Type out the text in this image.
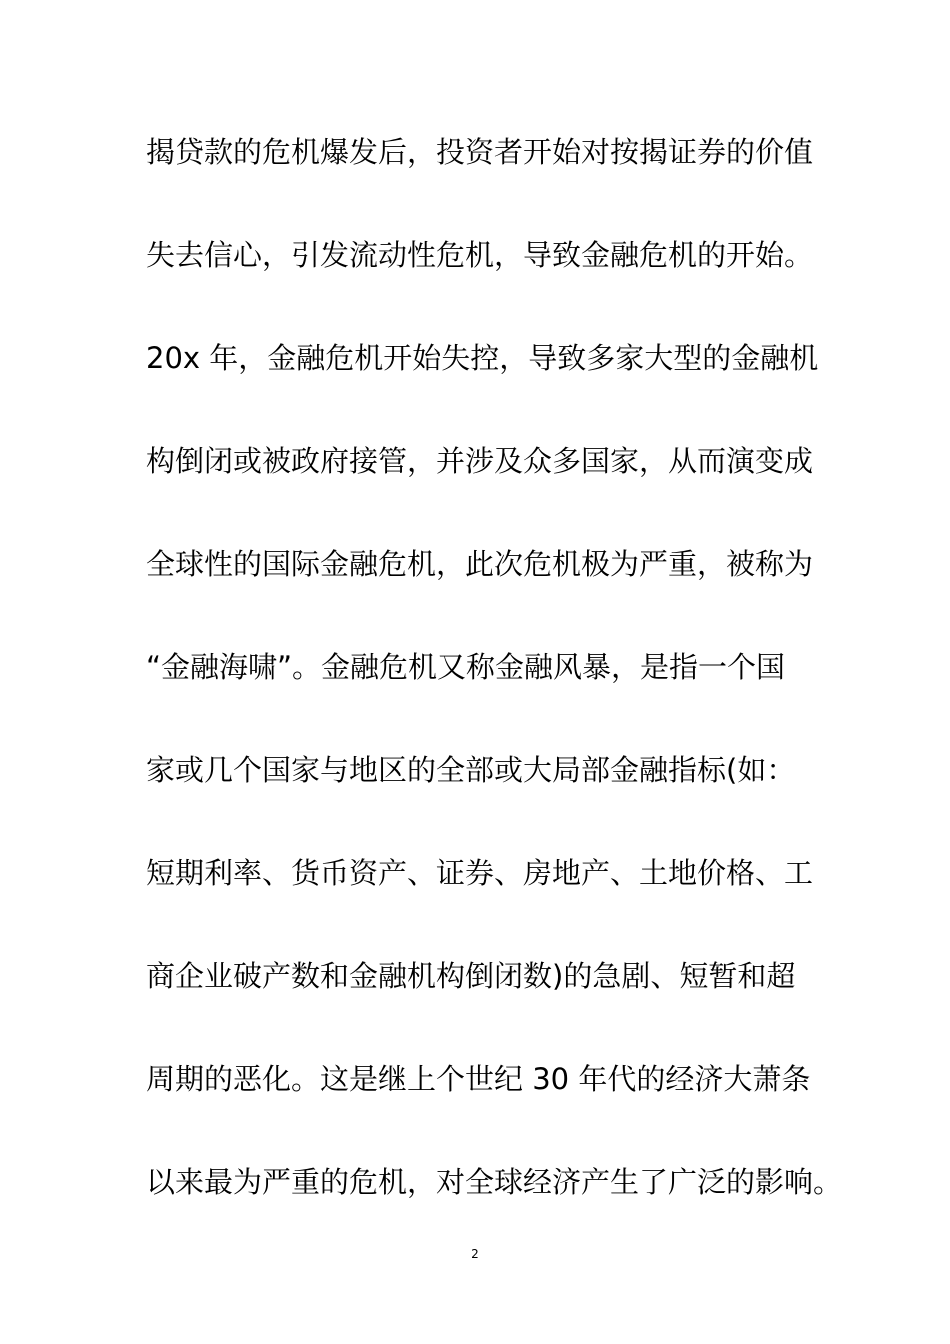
揭贷款的危机爆发后，投资者开始对按揭证券的价值
失去信心，引发流动性危机，导致金融危机的开始。
20x 年，金融危机开始失控，导致多家大型的金融机
构倒闭或被政府接管，并涉及众多国家，从而演变成
全球性的国际金融危机，此次危机极为严重，被称为
“金融海啸”。金融危机又称金融风暴，是指一个国
家或几个国家与地区的全部或大局部金融指标(如：
短期利率、货币资产、证券、房地产、土地价格、工
商企业破产数和金融机构倒闭数)的急剧、短暂和超
周期的恶化。这是继上个世纪 30 年代的经济大萧条
以来最为严重的危机，对全球经济产生了广泛的影响。
2
